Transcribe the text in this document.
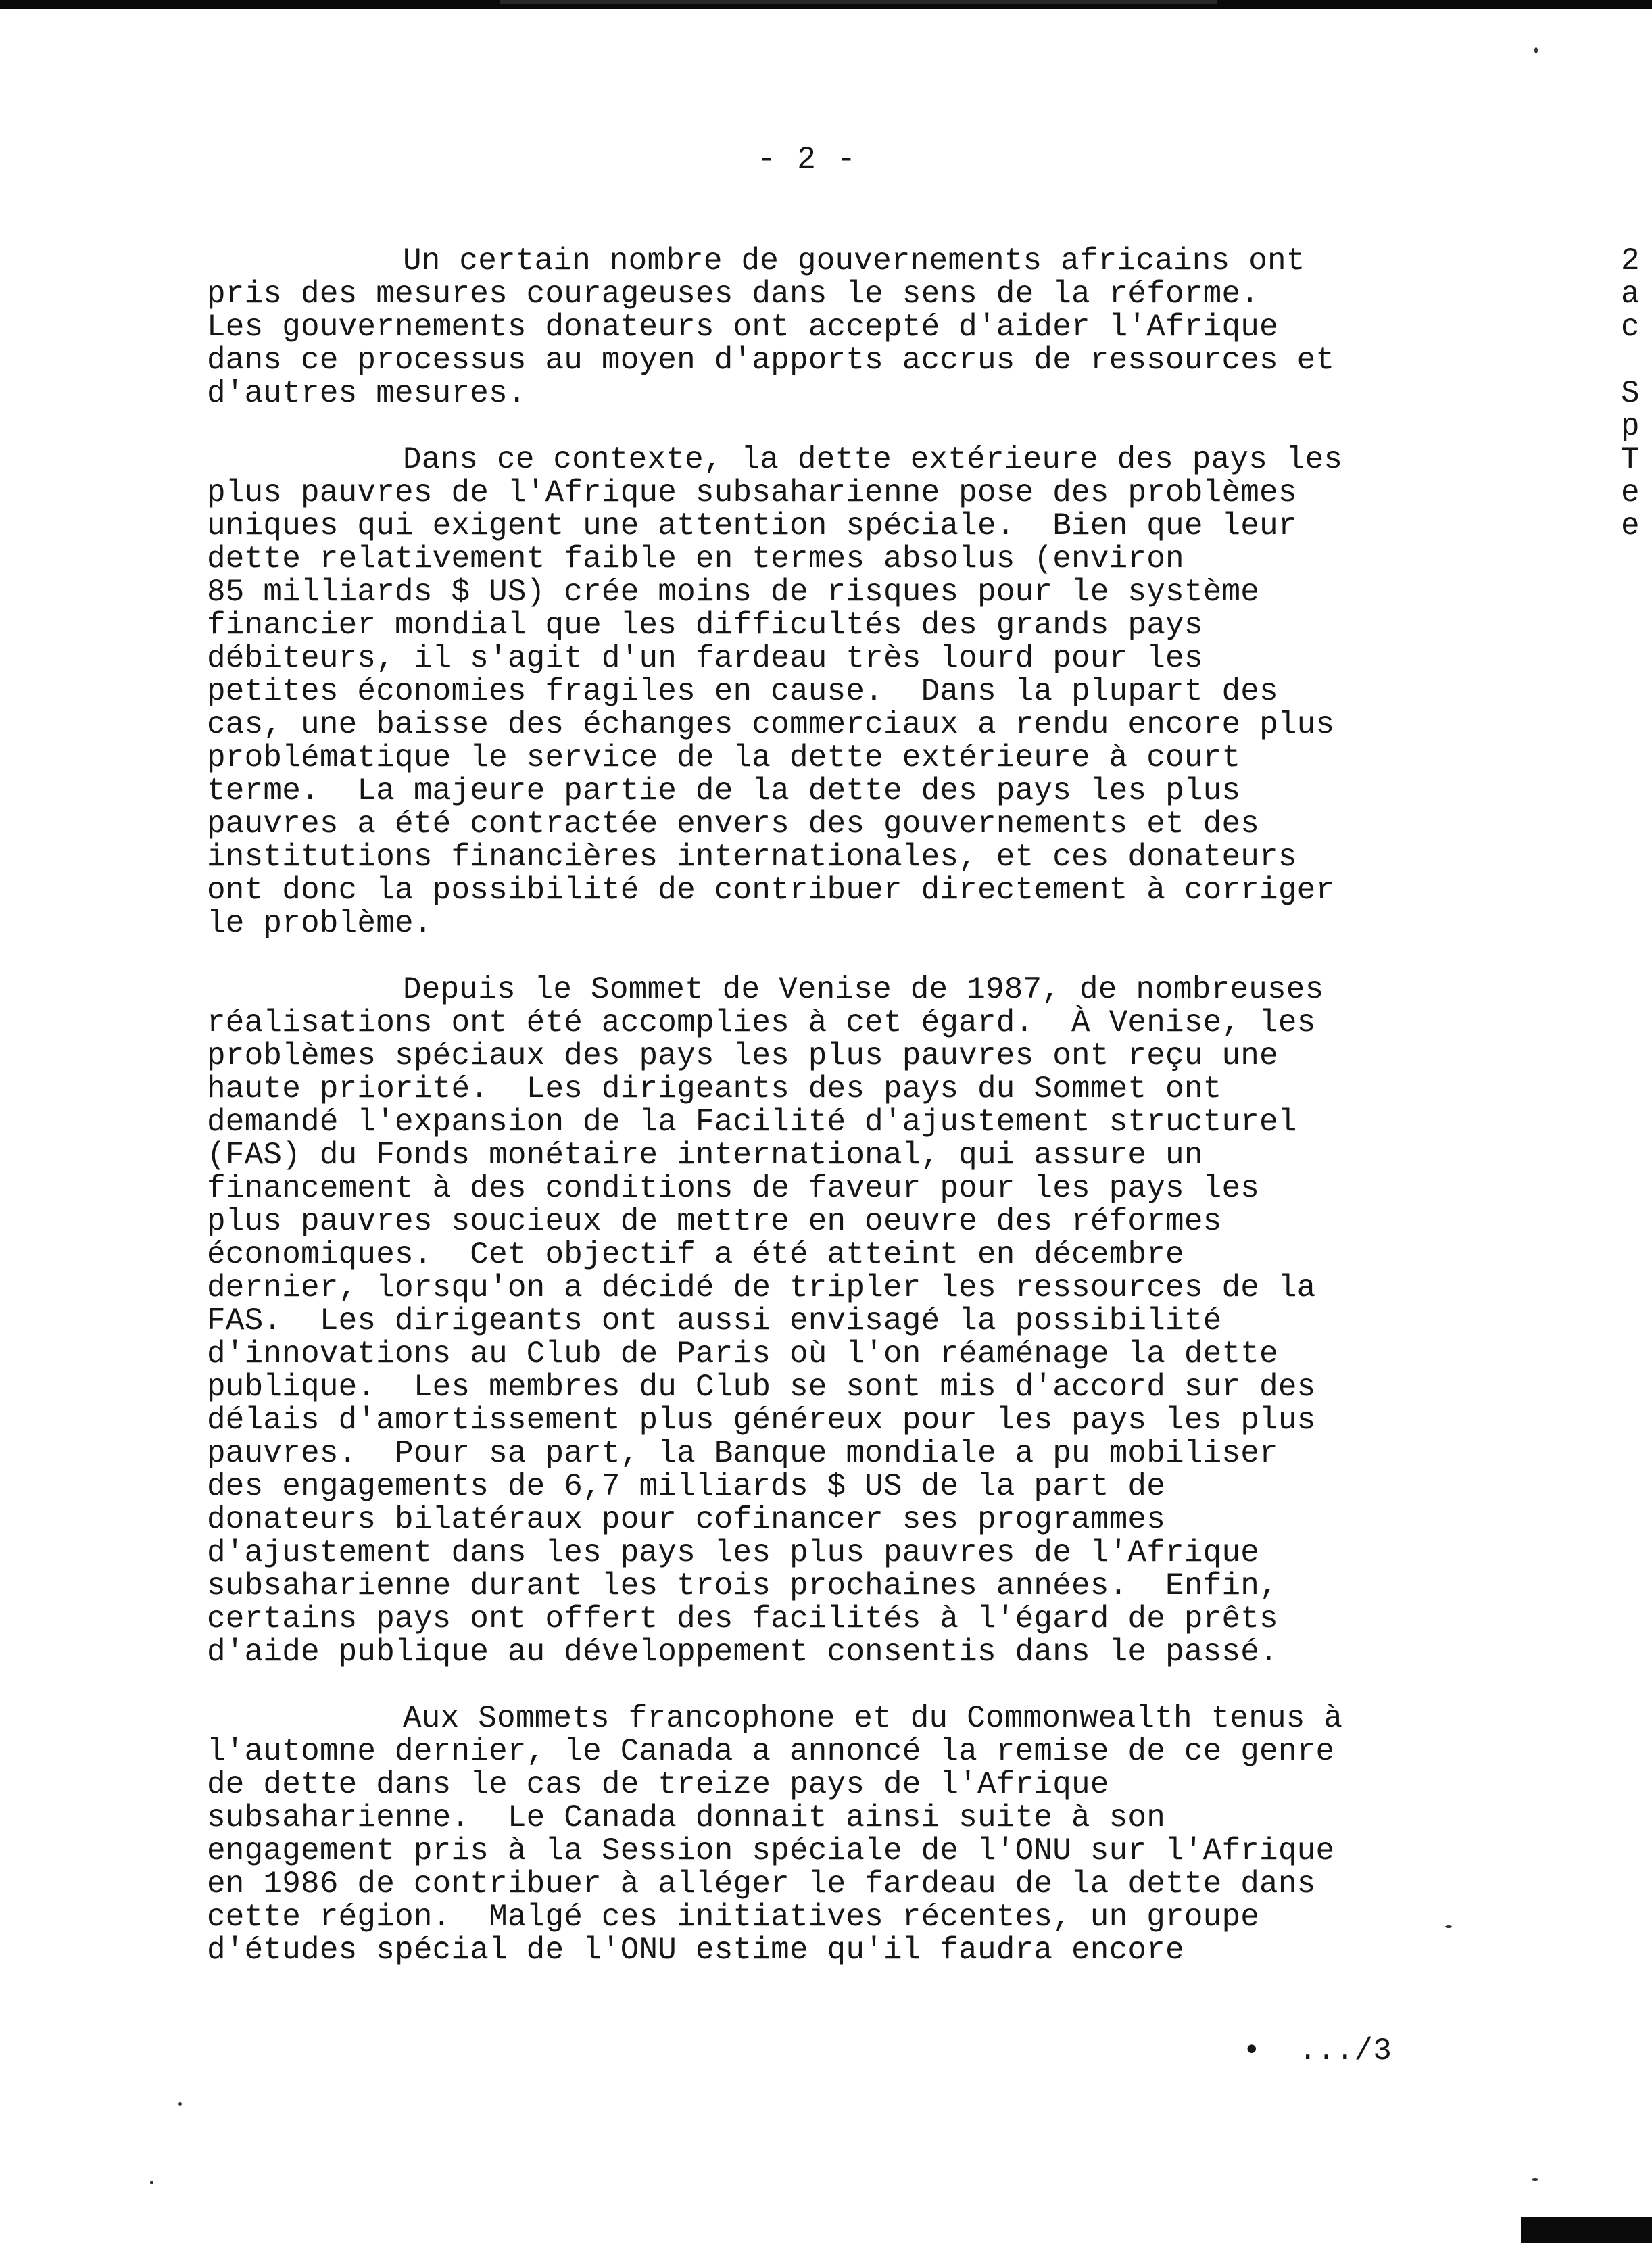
- 2 -
Un certain nombre de gouvernements africains ont
pris des mesures courageuses dans le sens de la réforme.
Les gouvernements donateurs ont accepté d'aider l'Afrique
dans ce processus au moyen d'apports accrus de ressources et
d'autres mesures.
Dans ce contexte, la dette extérieure des pays les
plus pauvres de l'Afrique subsaharienne pose des problèmes
uniques qui exigent une attention spéciale.  Bien que leur
dette relativement faible en termes absolus (environ
85 milliards $ US) crée moins de risques pour le système
financier mondial que les difficultés des grands pays
débiteurs, il s'agit d'un fardeau très lourd pour les
petites économies fragiles en cause.  Dans la plupart des
cas, une baisse des échanges commerciaux a rendu encore plus
problématique le service de la dette extérieure à court
terme.  La majeure partie de la dette des pays les plus
pauvres a été contractée envers des gouvernements et des
institutions financières internationales, et ces donateurs
ont donc la possibilité de contribuer directement à corriger
le problème.
Depuis le Sommet de Venise de 1987, de nombreuses
réalisations ont été accomplies à cet égard.  À Venise, les
problèmes spéciaux des pays les plus pauvres ont reçu une
haute priorité.  Les dirigeants des pays du Sommet ont
demandé l'expansion de la Facilité d'ajustement structurel
(FAS) du Fonds monétaire international, qui assure un
financement à des conditions de faveur pour les pays les
plus pauvres soucieux de mettre en oeuvre des réformes
économiques.  Cet objectif a été atteint en décembre
dernier, lorsqu'on a décidé de tripler les ressources de la
FAS.  Les dirigeants ont aussi envisagé la possibilité
d'innovations au Club de Paris où l'on réaménage la dette
publique.  Les membres du Club se sont mis d'accord sur des
délais d'amortissement plus généreux pour les pays les plus
pauvres.  Pour sa part, la Banque mondiale a pu mobiliser
des engagements de 6,7 milliards $ US de la part de
donateurs bilatéraux pour cofinancer ses programmes
d'ajustement dans les pays les plus pauvres de l'Afrique
subsaharienne durant les trois prochaines années.  Enfin,
certains pays ont offert des facilités à l'égard de prêts
d'aide publique au développement consentis dans le passé.
Aux Sommets francophone et du Commonwealth tenus à
l'automne dernier, le Canada a annoncé la remise de ce genre
de dette dans le cas de treize pays de l'Afrique
subsaharienne.  Le Canada donnait ainsi suite à son
engagement pris à la Session spéciale de l'ONU sur l'Afrique
en 1986 de contribuer à alléger le fardeau de la dette dans
cette région.  Malgé ces initiatives récentes, un groupe
d'études spécial de l'ONU estime qu'il faudra encore
2
a
c
S
p
T
e
e
•  .../3
